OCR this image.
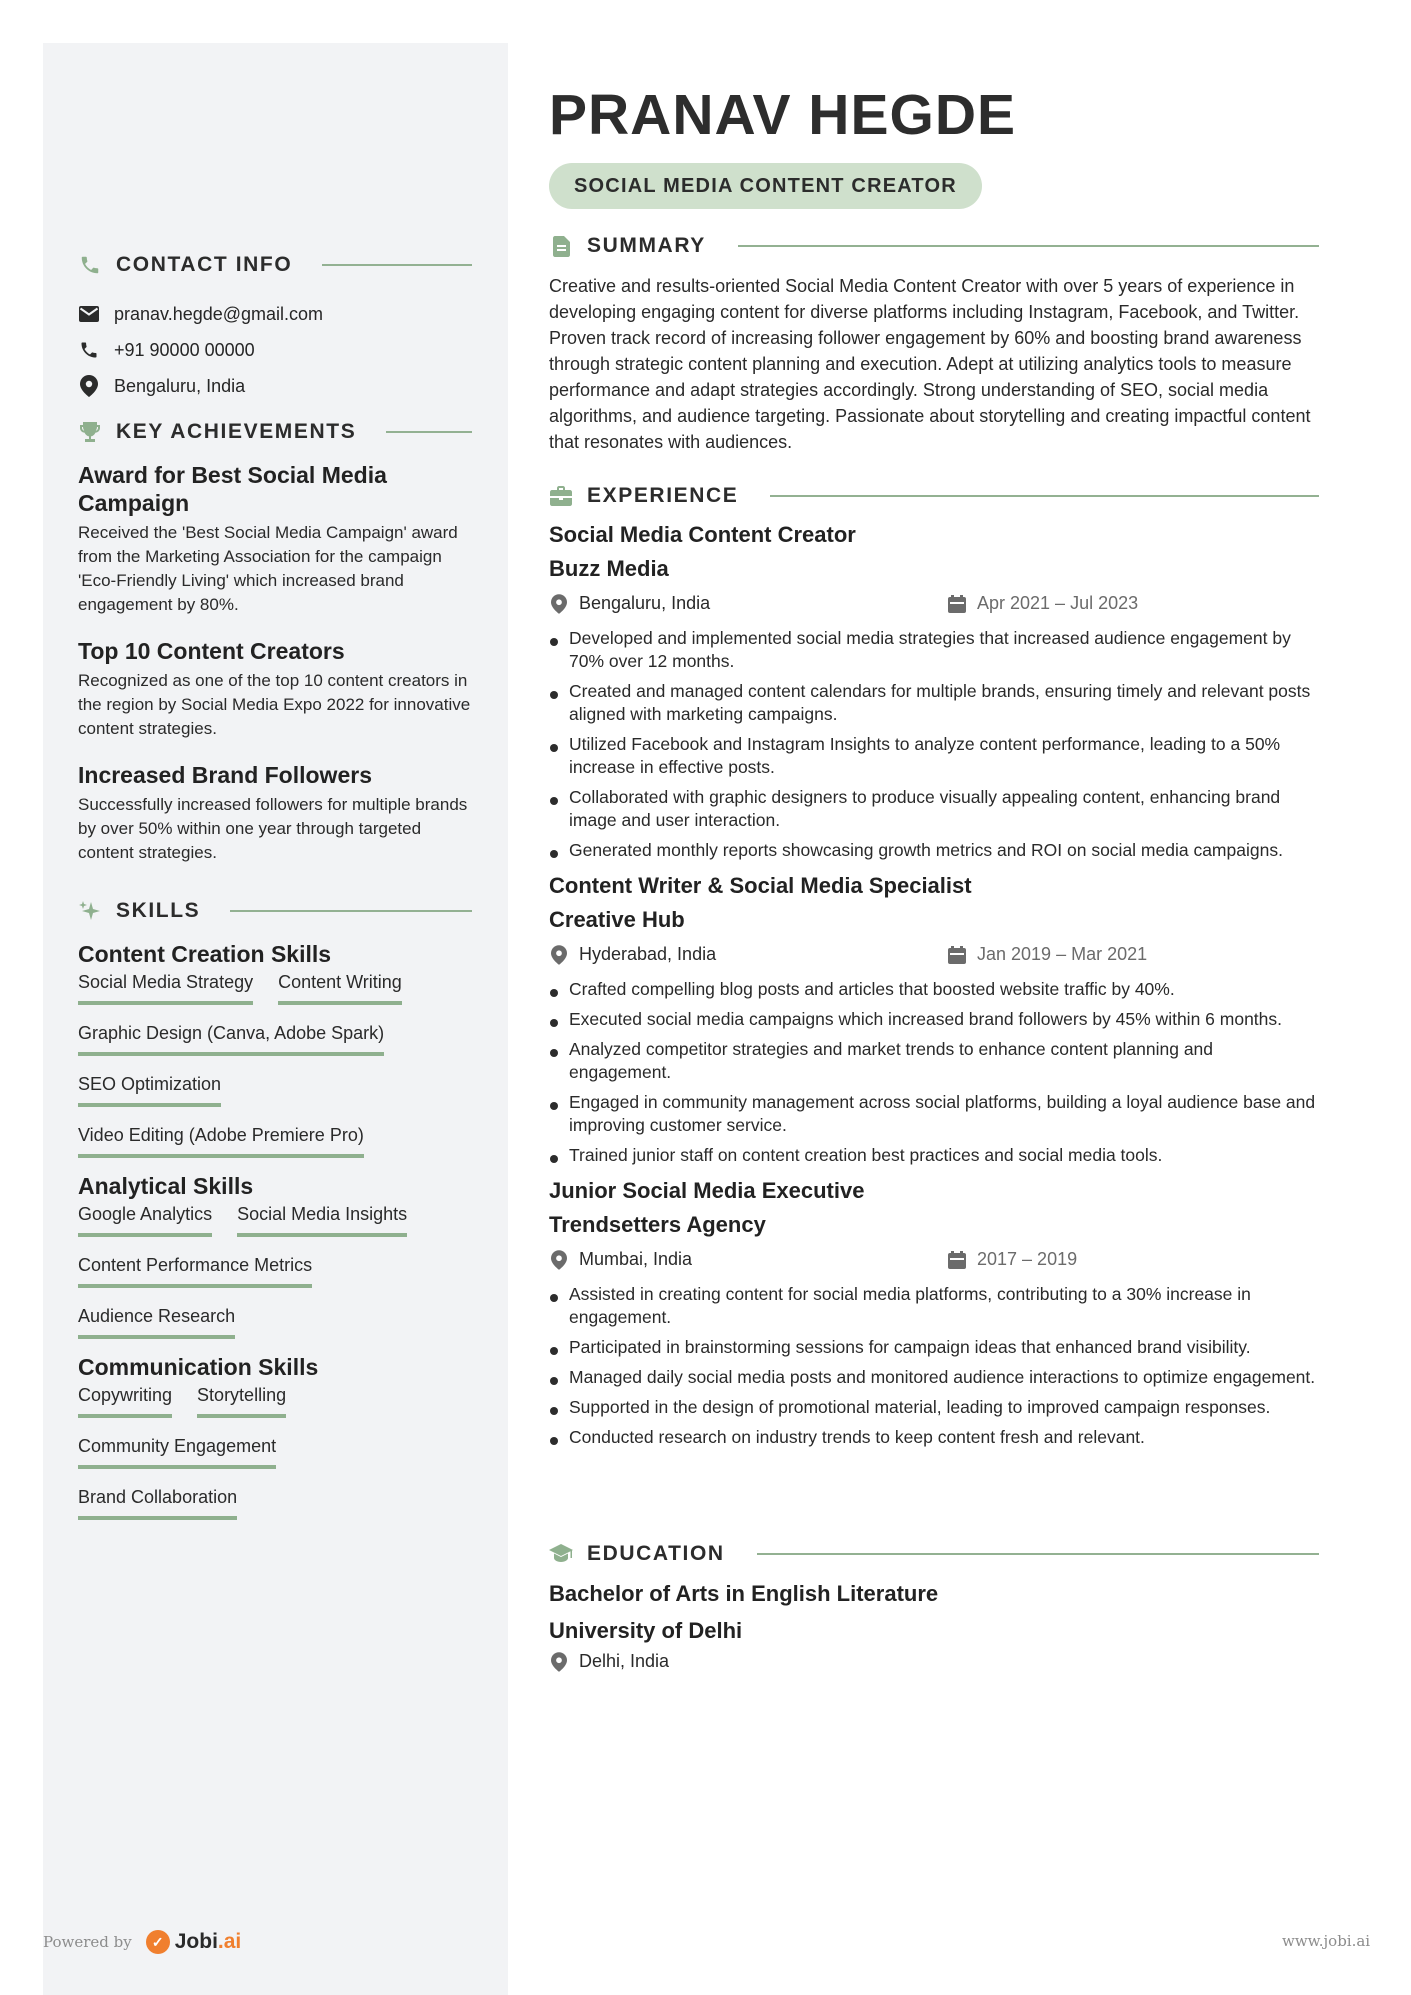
CONTACT INFO
pranav.hegde@gmail.com
+91 90000 00000
Bengaluru, India
KEY ACHIEVEMENTS
Award for Best Social Media Campaign
Received the 'Best Social Media Campaign' award from the Marketing Association for the campaign 'Eco-Friendly Living' which increased brand engagement by 80%.
Top 10 Content Creators
Recognized as one of the top 10 content creators in the region by Social Media Expo 2022 for innovative content strategies.
Increased Brand Followers
Successfully increased followers for multiple brands by over 50% within one year through targeted content strategies.
SKILLS
Content Creation Skills
Social Media Strategy Content Writing
Graphic Design (Canva, Adobe Spark)
SEO Optimization
Video Editing (Adobe Premiere Pro)
Analytical Skills
Google Analytics Social Media Insights
Content Performance Metrics
Audience Research
Communication Skills
Copywriting Storytelling
Community Engagement
Brand Collaboration
PRANAV HEGDE
SOCIAL MEDIA CONTENT CREATOR
SUMMARY
Creative and results-oriented Social Media Content Creator with over 5 years of experience in developing engaging content for diverse platforms including Instagram, Facebook, and Twitter. Proven track record of increasing follower engagement by 60% and boosting brand awareness through strategic content planning and execution. Adept at utilizing analytics tools to measure performance and adapt strategies accordingly. Strong understanding of SEO, social media algorithms, and audience targeting. Passionate about storytelling and creating impactful content that resonates with audiences.
EXPERIENCE
Social Media Content Creator
Buzz Media
Bengaluru, India	Apr 2021 – Jul 2023
Developed and implemented social media strategies that increased audience engagement by 70% over 12 months.
Created and managed content calendars for multiple brands, ensuring timely and relevant posts aligned with marketing campaigns.
Utilized Facebook and Instagram Insights to analyze content performance, leading to a 50% increase in effective posts.
Collaborated with graphic designers to produce visually appealing content, enhancing brand image and user interaction.
Generated monthly reports showcasing growth metrics and ROI on social media campaigns.
Content Writer & Social Media Specialist
Creative Hub
Hyderabad, India	Jan 2019 – Mar 2021
Crafted compelling blog posts and articles that boosted website traffic by 40%.
Executed social media campaigns which increased brand followers by 45% within 6 months.
Analyzed competitor strategies and market trends to enhance content planning and engagement.
Engaged in community management across social platforms, building a loyal audience base and improving customer service.
Trained junior staff on content creation best practices and social media tools.
Junior Social Media Executive
Trendsetters Agency
Mumbai, India	2017 – 2019
Assisted in creating content for social media platforms, contributing to a 30% increase in engagement.
Participated in brainstorming sessions for campaign ideas that enhanced brand visibility.
Managed daily social media posts and monitored audience interactions to optimize engagement.
Supported in the design of promotional material, leading to improved campaign responses.
Conducted research on industry trends to keep content fresh and relevant.
EDUCATION
Bachelor of Arts in English Literature
University of Delhi
Delhi, India
Powered by	✓ Jobi .ai	www.jobi.ai
